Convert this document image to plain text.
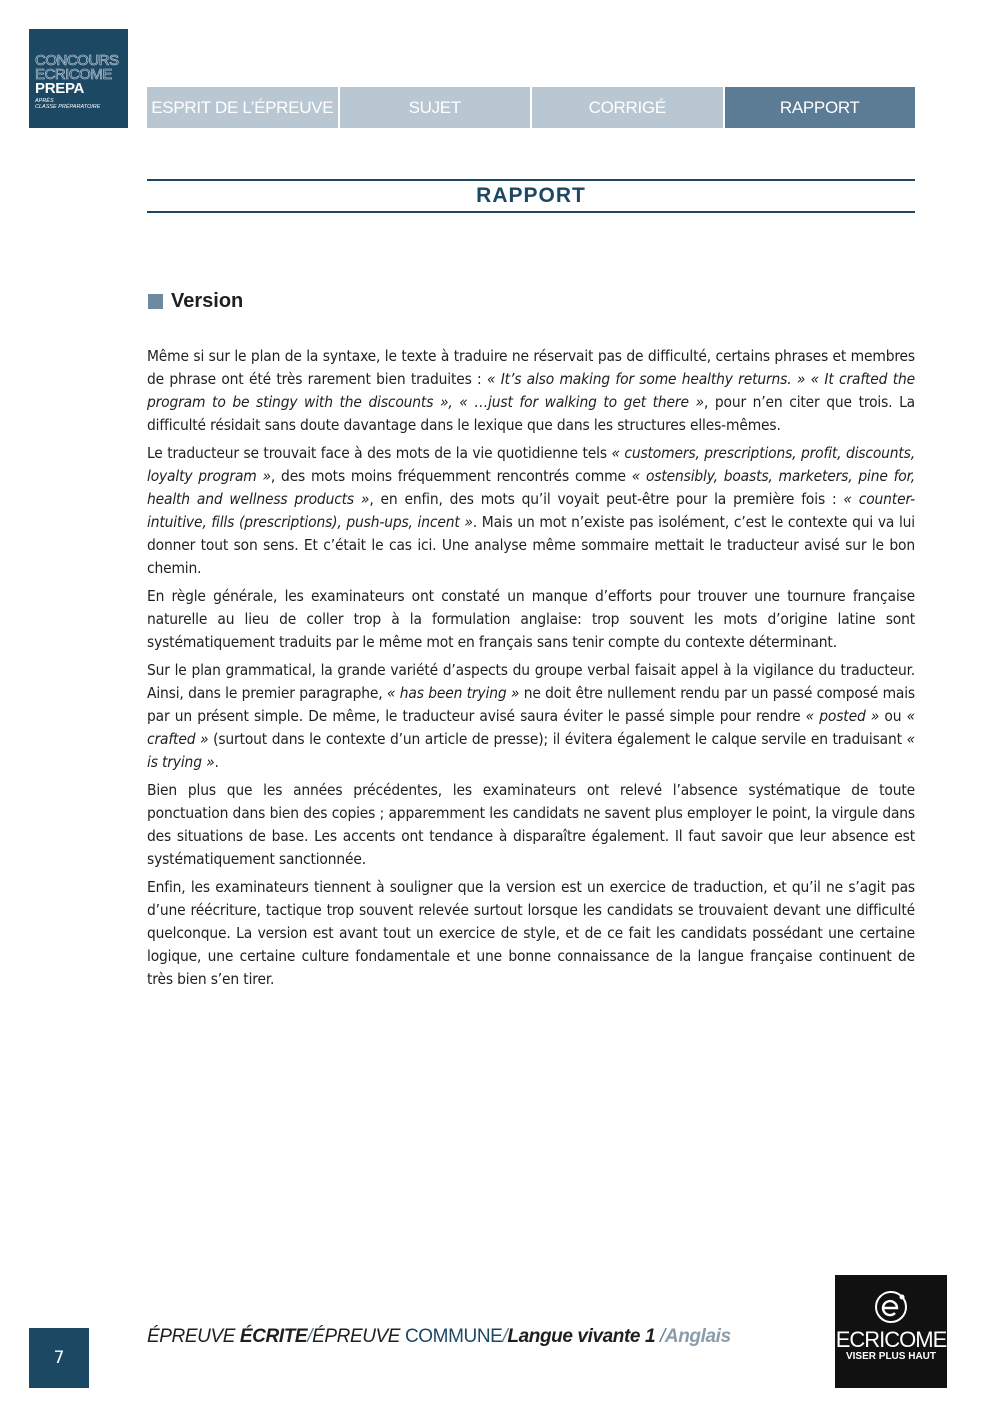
CONCOURS
ECRICOME
PREPA
APRÈS
CLASSE PRÉPARATOIRE	ESPRIT DE L’ÉPREUVE	SUJET	CORRIGÉ	RAPPORT
RAPPORT
Version

Même si sur le plan de la syntaxe, le texte à traduire ne réservait pas de difficulté, certains phrases et membres de phrase ont été très rarement bien traduites : « It’s also making for some healthy returns. » « It crafted the program to be stingy with the discounts », « …just for walking to get there », pour n’en citer que trois. La difficulté résidait sans doute davantage dans le lexique que dans les structures elles-mêmes.

Le traducteur se trouvait face à des mots de la vie quotidienne tels « customers, prescriptions, profit, discounts, loyalty program », des mots moins fréquemment rencontrés comme « ostensibly, boasts, marketers, pine for, health and wellness products », en enfin, des mots qu’il voyait peut-être pour la première fois : « counter-intuitive, fills (prescriptions), push-ups, incent ». Mais un mot n’existe pas isolément, c’est le contexte qui va lui donner tout son sens. Et c’était le cas ici. Une analyse même sommaire mettait le traducteur avisé sur le bon chemin.

En règle générale, les examinateurs ont constaté un manque d’efforts pour trouver une tournure française naturelle au lieu de coller trop à la formulation anglaise: trop souvent les mots d’origine latine sont systématiquement traduits par le même mot en français sans tenir compte du contexte déterminant.

Sur le plan grammatical, la grande variété d’aspects du groupe verbal faisait appel à la vigilance du traducteur. Ainsi, dans le premier paragraphe, « has been trying » ne doit être nullement rendu par un passé composé mais par un présent simple. De même, le traducteur avisé saura éviter le passé simple pour rendre « posted » ou « crafted » (surtout dans le contexte d’un article de presse); il évitera également le calque servile en traduisant « is trying ».

Bien plus que les années précédentes, les examinateurs ont relevé l’absence systématique de toute ponctuation dans bien des copies ; apparemment les candidats ne savent plus employer le point, la virgule dans des situations de base. Les accents ont tendance à disparaître également. Il faut savoir que leur absence est systématiquement sanctionnée.

Enfin, les examinateurs tiennent à souligner que la version est un exercice de traduction, et qu’il ne s’agit pas d’une réécriture, tactique trop souvent relevée surtout lorsque les candidats se trouvaient devant une difficulté quelconque. La version est avant tout un exercice de style, et de ce fait les candidats possédant une certaine logique, une certaine culture fondamentale et une bonne connaissance de la langue française continuent de très bien s’en tirer.

7
ÉPREUVE ÉCRITE/ÉPREUVE COMMUNE/Langue vivante 1 /Anglais	ECRICOME
VISER PLUS HAUT
